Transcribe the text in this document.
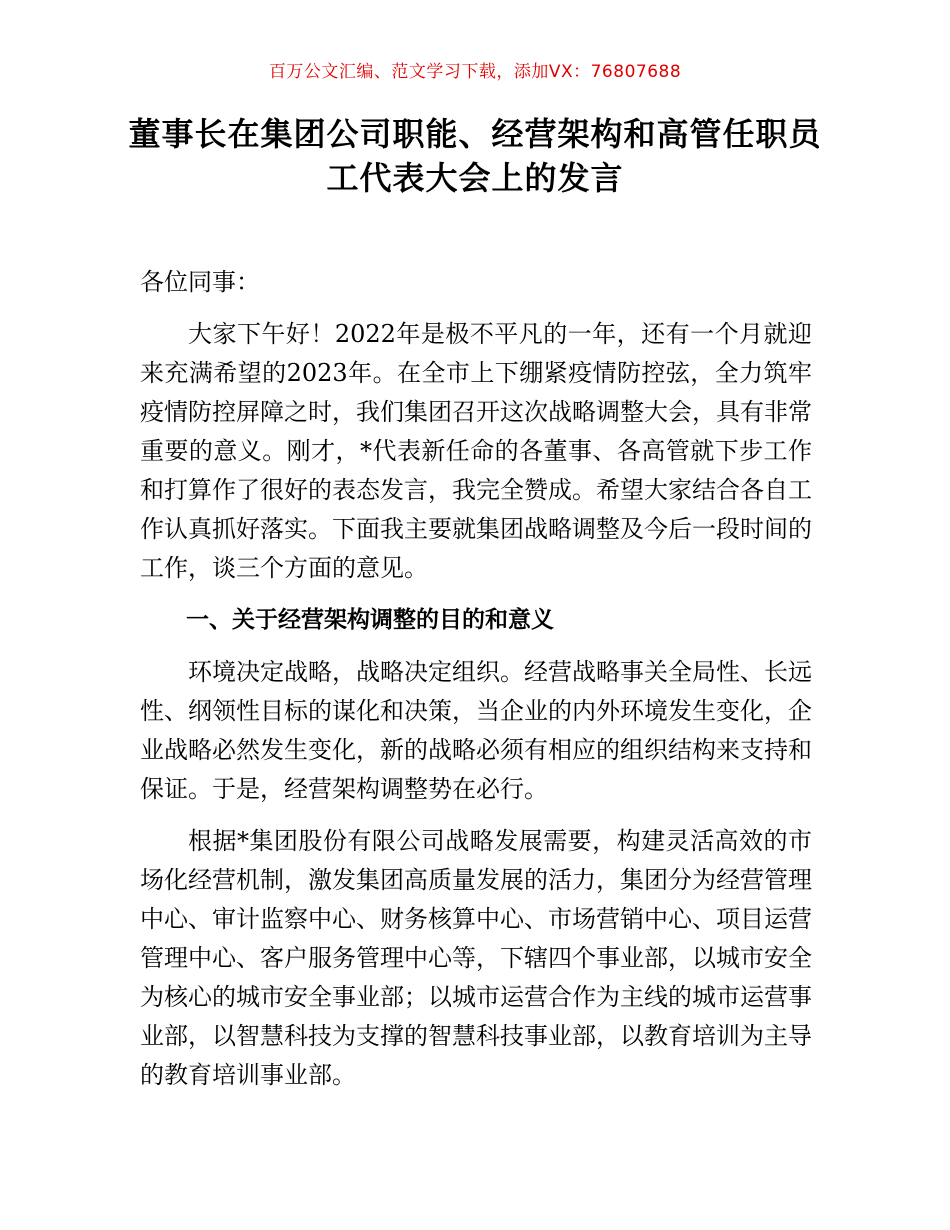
百万公文汇编、范文学习下载，添加VX：76807688
董事长在集团公司职能、经营架构和高管任职员工代表大会上的发言

各位同事：

大家下午好！2022年是极不平凡的一年，还有一个月就迎来充满希望的2023年。在全市上下绷紧疫情防控弦，全力筑牢疫情防控屏障之时，我们集团召开这次战略调整大会，具有非常重要的意义。刚才，*代表新任命的各董事、各高管就下步工作和打算作了很好的表态发言，我完全赞成。希望大家结合各自工作认真抓好落实。下面我主要就集团战略调整及今后一段时间的工作，谈三个方面的意见。

一、关于经营架构调整的目的和意义

环境决定战略，战略决定组织。经营战略事关全局性、长远性、纲领性目标的谋化和决策，当企业的内外环境发生变化，企业战略必然发生变化，新的战略必须有相应的组织结构来支持和保证。于是，经营架构调整势在必行。

根据*集团股份有限公司战略发展需要，构建灵活高效的市场化经营机制，激发集团高质量发展的活力，集团分为经营管理中心、审计监察中心、财务核算中心、市场营销中心、项目运营管理中心、客户服务管理中心等，下辖四个事业部，以城市安全为核心的城市安全事业部；以城市运营合作为主线的城市运营事业部，以智慧科技为支撑的智慧科技事业部，以教育培训为主导的教育培训事业部。
